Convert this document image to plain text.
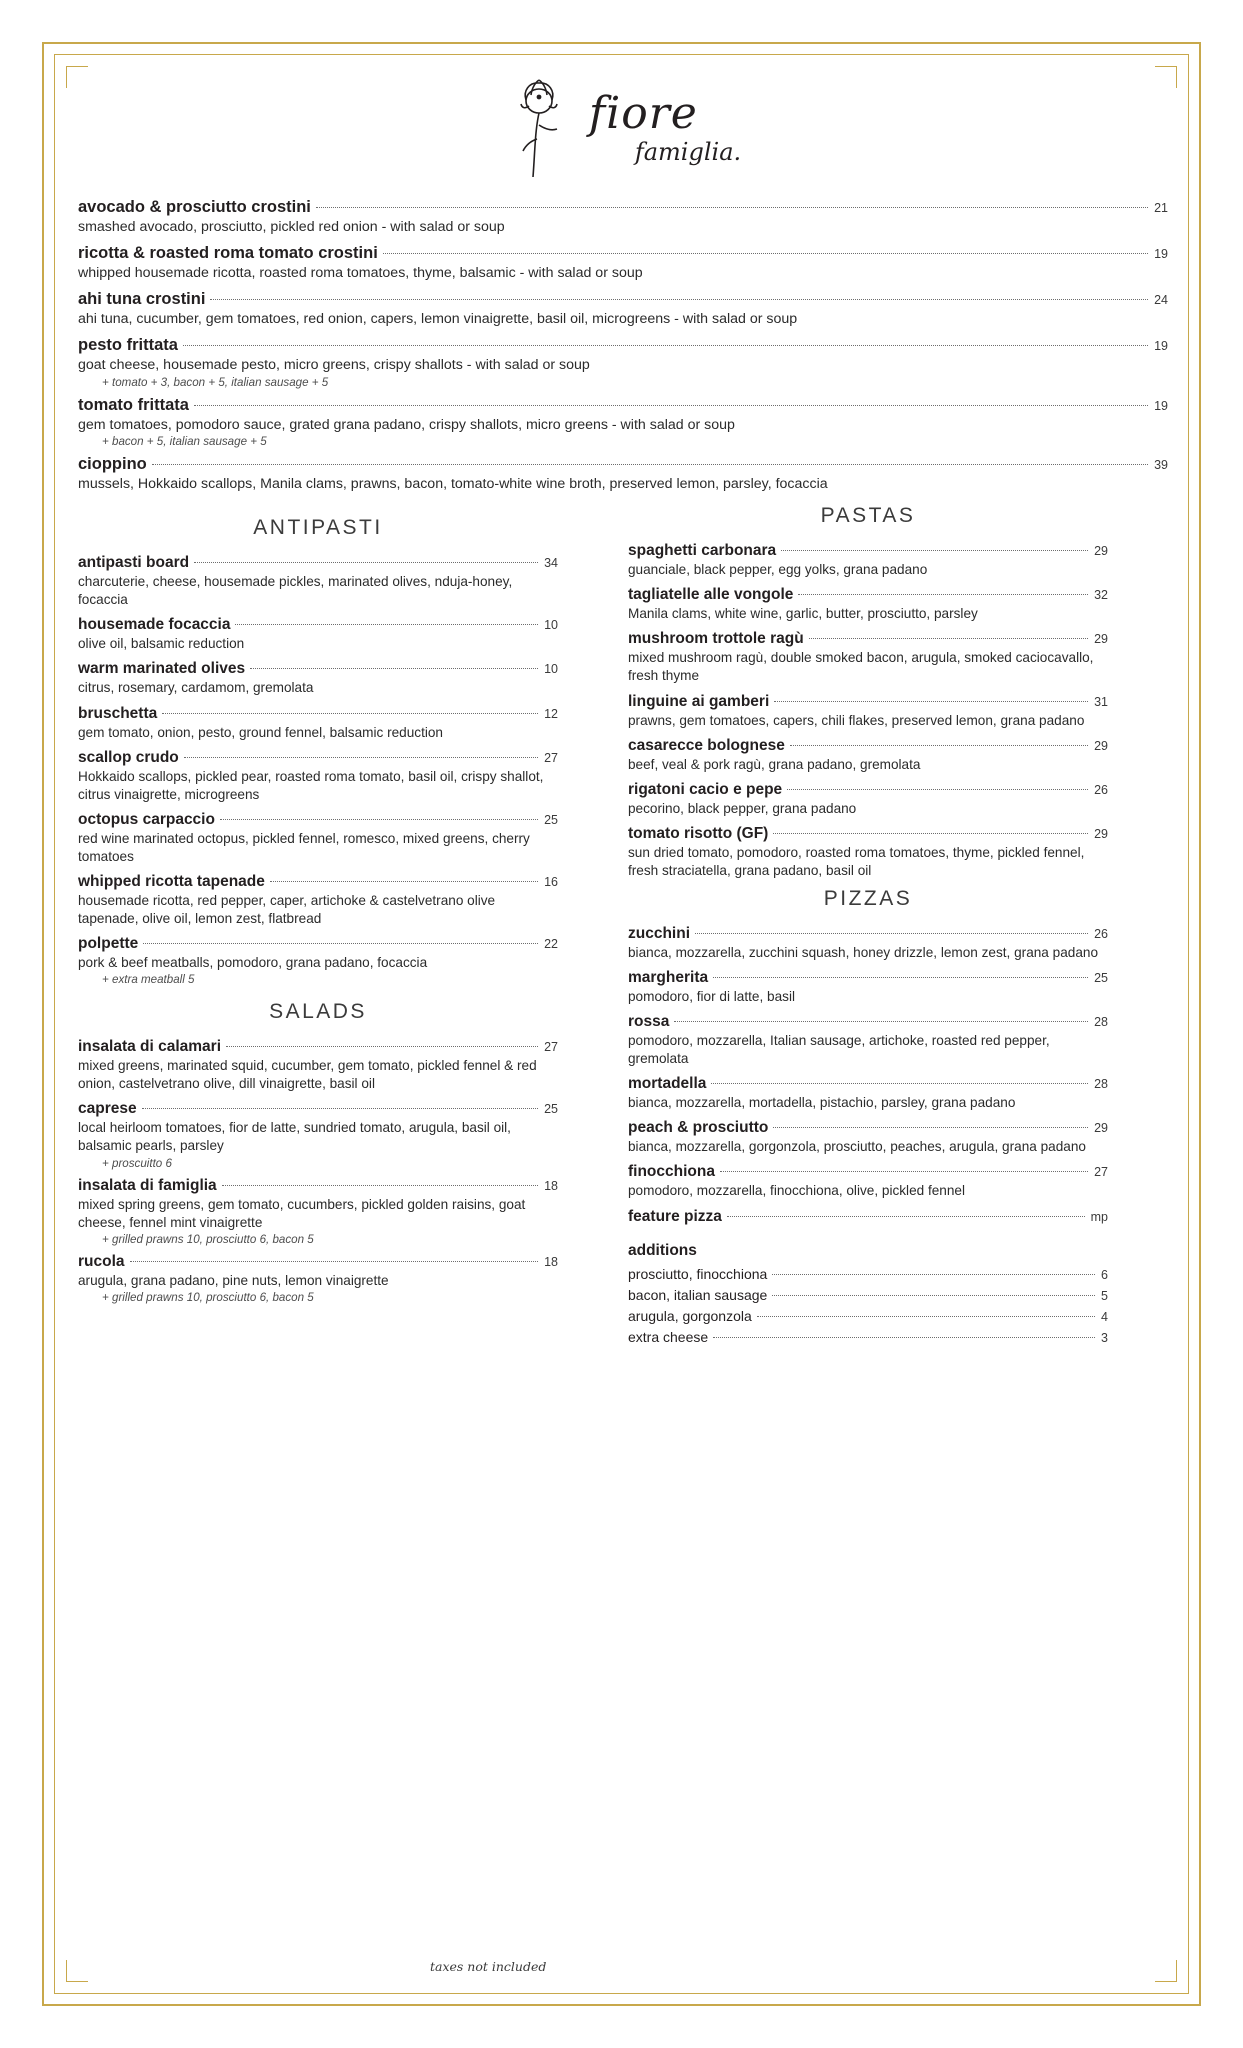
fiore
famiglia.
avocado & prosciutto crostini	21
smashed avocado, prosciutto, pickled red onion - with salad or soup
ricotta & roasted roma tomato crostini	19
whipped housemade ricotta, roasted roma tomatoes, thyme, balsamic - with salad or soup
ahi tuna crostini	24
ahi tuna, cucumber, gem tomatoes, red onion, capers, lemon vinaigrette, basil oil, microgreens - with salad or soup
pesto frittata	19
goat cheese, housemade pesto, micro greens, crispy shallots - with salad or soup
+ tomato + 3, bacon + 5, italian sausage + 5
tomato frittata	19
gem tomatoes, pomodoro sauce, grated grana padano, crispy shallots, micro greens - with salad or soup
+ bacon + 5, italian sausage + 5
cioppino	39
mussels, Hokkaido scallops, Manila clams, prawns, bacon, tomato-white wine broth, preserved lemon, parsley, focaccia
ANTIPASTI
antipasti board	34
charcuterie, cheese, housemade pickles, marinated olives, nduja-honey, focaccia
housemade focaccia	10
olive oil, balsamic reduction
warm marinated olives	10
citrus, rosemary, cardamom, gremolata
bruschetta	12
gem tomato, onion, pesto, ground fennel, balsamic reduction
scallop crudo	27
Hokkaido scallops, pickled pear, roasted roma tomato, basil oil, crispy shallot, citrus vinaigrette, microgreens
octopus carpaccio	25
red wine marinated octopus, pickled fennel, romesco, mixed greens, cherry tomatoes
whipped ricotta tapenade	16
housemade ricotta, red pepper, caper, artichoke & castelvetrano olive tapenade, olive oil, lemon zest, flatbread
polpette	22
pork & beef meatballs, pomodoro, grana padano, focaccia
+ extra meatball 5
SALADS
insalata di calamari	27
mixed greens, marinated squid, cucumber, gem tomato, pickled fennel & red onion, castelvetrano olive, dill vinaigrette, basil oil
caprese	25
local heirloom tomatoes, fior de latte, sundried tomato, arugula, basil oil, balsamic pearls, parsley
+ proscuitto 6
insalata di famiglia	18
mixed spring greens, gem tomato, cucumbers, pickled golden raisins, goat cheese, fennel mint vinaigrette
+ grilled prawns 10, prosciutto 6, bacon 5
rucola	18
arugula, grana padano, pine nuts, lemon vinaigrette
+ grilled prawns 10, prosciutto 6, bacon 5
PASTAS
spaghetti carbonara	29
guanciale, black pepper, egg yolks, grana padano
tagliatelle alle vongole	32
Manila clams, white wine, garlic, butter, prosciutto, parsley
mushroom trottole ragù	29
mixed mushroom ragù, double smoked bacon, arugula, smoked caciocavallo, fresh thyme
linguine ai gamberi	31
prawns, gem tomatoes, capers, chili flakes, preserved lemon, grana padano
casarecce bolognese	29
beef, veal & pork ragù, grana padano, gremolata
rigatoni cacio e pepe	26
pecorino, black pepper, grana padano
tomato risotto (GF)	29
sun dried tomato, pomodoro, roasted roma tomatoes, thyme, pickled fennel, fresh straciatella, grana padano, basil oil
PIZZAS
zucchini	26
bianca, mozzarella, zucchini squash, honey drizzle, lemon zest, grana padano
margherita	25
pomodoro, fior di latte, basil
rossa	28
pomodoro, mozzarella, Italian sausage, artichoke, roasted red pepper, gremolata
mortadella	28
bianca, mozzarella, mortadella, pistachio, parsley, grana padano
peach & prosciutto	29
bianca, mozzarella, gorgonzola, prosciutto, peaches, arugula, grana padano
finocchiona	27
pomodoro, mozzarella, finocchiona, olive, pickled fennel
feature pizza	mp
additions
prosciutto, finocchiona	6
bacon, italian sausage	5
arugula, gorgonzola	4
extra cheese	3
taxes not included
